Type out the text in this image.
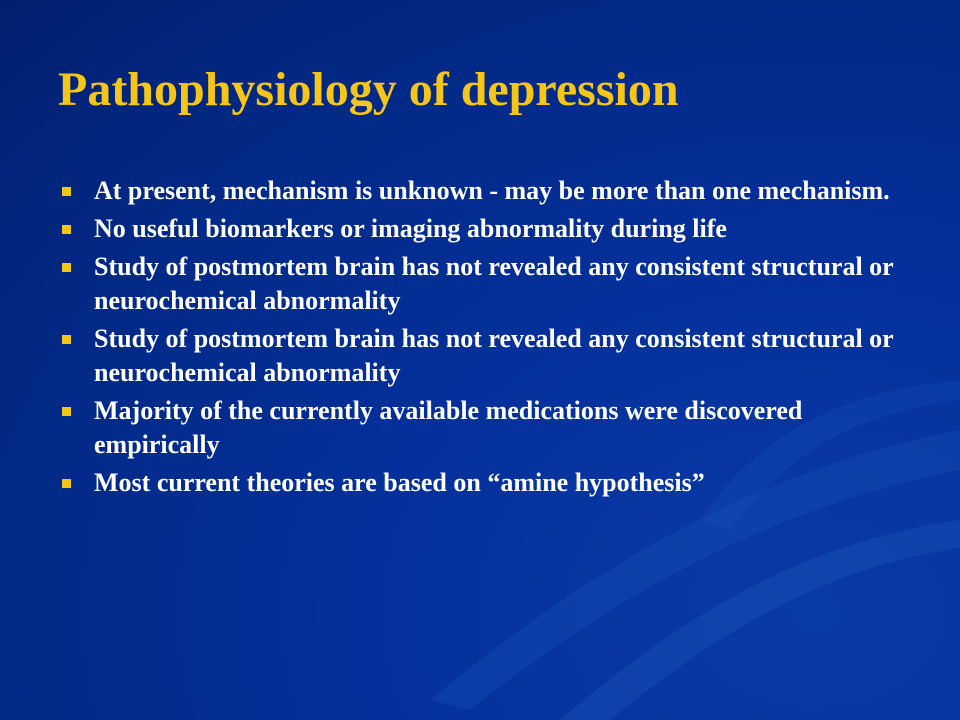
Pathophysiology of depression
At present, mechanism is unknown - may be more than one mechanism.
No useful biomarkers or imaging abnormality during life
Study of postmortem brain has not revealed any consistent structural or neurochemical abnormality
Study of postmortem brain has not revealed any consistent structural or neurochemical abnormality
Majority of the currently available medications were discovered empirically
Most current theories are based on “amine hypothesis”
